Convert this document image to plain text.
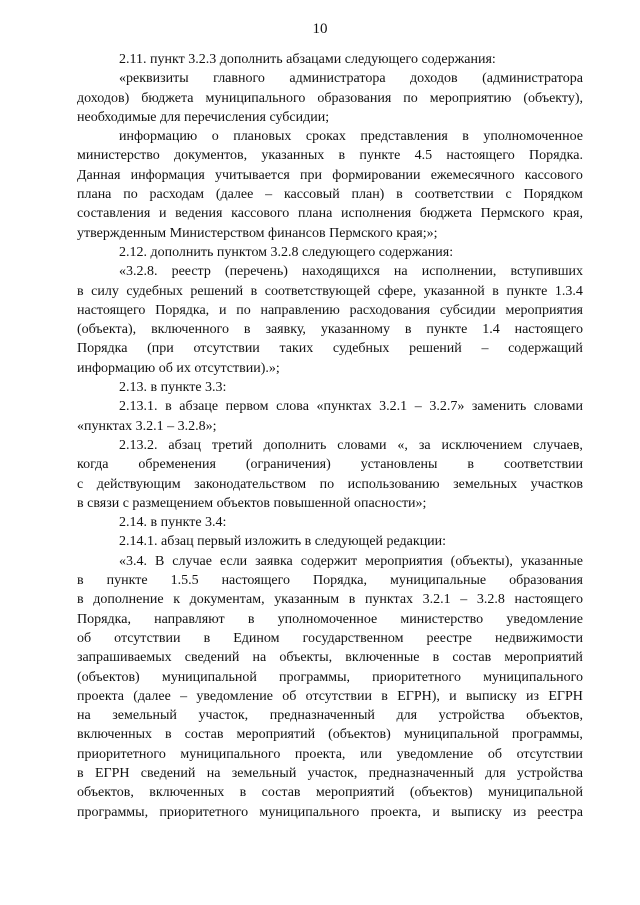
10
2.11. пункт 3.2.3 дополнить абзацами следующего содержания:
«реквизиты главного администратора доходов (администратора
доходов) бюджета муниципального образования по мероприятию (объекту),
необходимые для перечисления субсидии;
информацию о плановых сроках представления в уполномоченное
министерство документов, указанных в пункте 4.5 настоящего Порядка.
Данная информация учитывается при формировании ежемесячного кассового
плана по расходам (далее – кассовый план) в соответствии с Порядком
составления и ведения кассового плана исполнения бюджета Пермского края,
утвержденным Министерством финансов Пермского края;»;
2.12. дополнить пунктом 3.2.8 следующего содержания:
«3.2.8. реестр (перечень) находящихся на исполнении, вступивших
в силу судебных решений в соответствующей сфере, указанной в пункте 1.3.4
настоящего Порядка, и по направлению расходования субсидии мероприятия
(объекта), включенного в заявку, указанному в пункте 1.4 настоящего
Порядка (при отсутствии таких судебных решений – содержащий
информацию об их отсутствии).»;
2.13. в пункте 3.3:
2.13.1. в абзаце первом слова «пунктах 3.2.1 – 3.2.7» заменить словами
«пунктах 3.2.1 – 3.2.8»;
2.13.2. абзац третий дополнить словами «, за исключением случаев,
когда обременения (ограничения) установлены в соответствии
с действующим законодательством по использованию земельных участков
в связи с размещением объектов повышенной опасности»;
2.14. в пункте 3.4:
2.14.1. абзац первый изложить в следующей редакции:
«3.4. В случае если заявка содержит мероприятия (объекты), указанные
в пункте 1.5.5 настоящего Порядка, муниципальные образования
в дополнение к документам, указанным в пунктах 3.2.1 – 3.2.8 настоящего
Порядка, направляют в уполномоченное министерство уведомление
об отсутствии в Едином государственном реестре недвижимости
запрашиваемых сведений на объекты, включенные в состав мероприятий
(объектов) муниципальной программы, приоритетного муниципального
проекта (далее – уведомление об отсутствии в ЕГРН), и выписку из ЕГРН
на земельный участок, предназначенный для устройства объектов,
включенных в состав мероприятий (объектов) муниципальной программы,
приоритетного муниципального проекта, или уведомление об отсутствии
в ЕГРН сведений на земельный участок, предназначенный для устройства
объектов, включенных в состав мероприятий (объектов) муниципальной
программы, приоритетного муниципального проекта, и выписку из реестра
